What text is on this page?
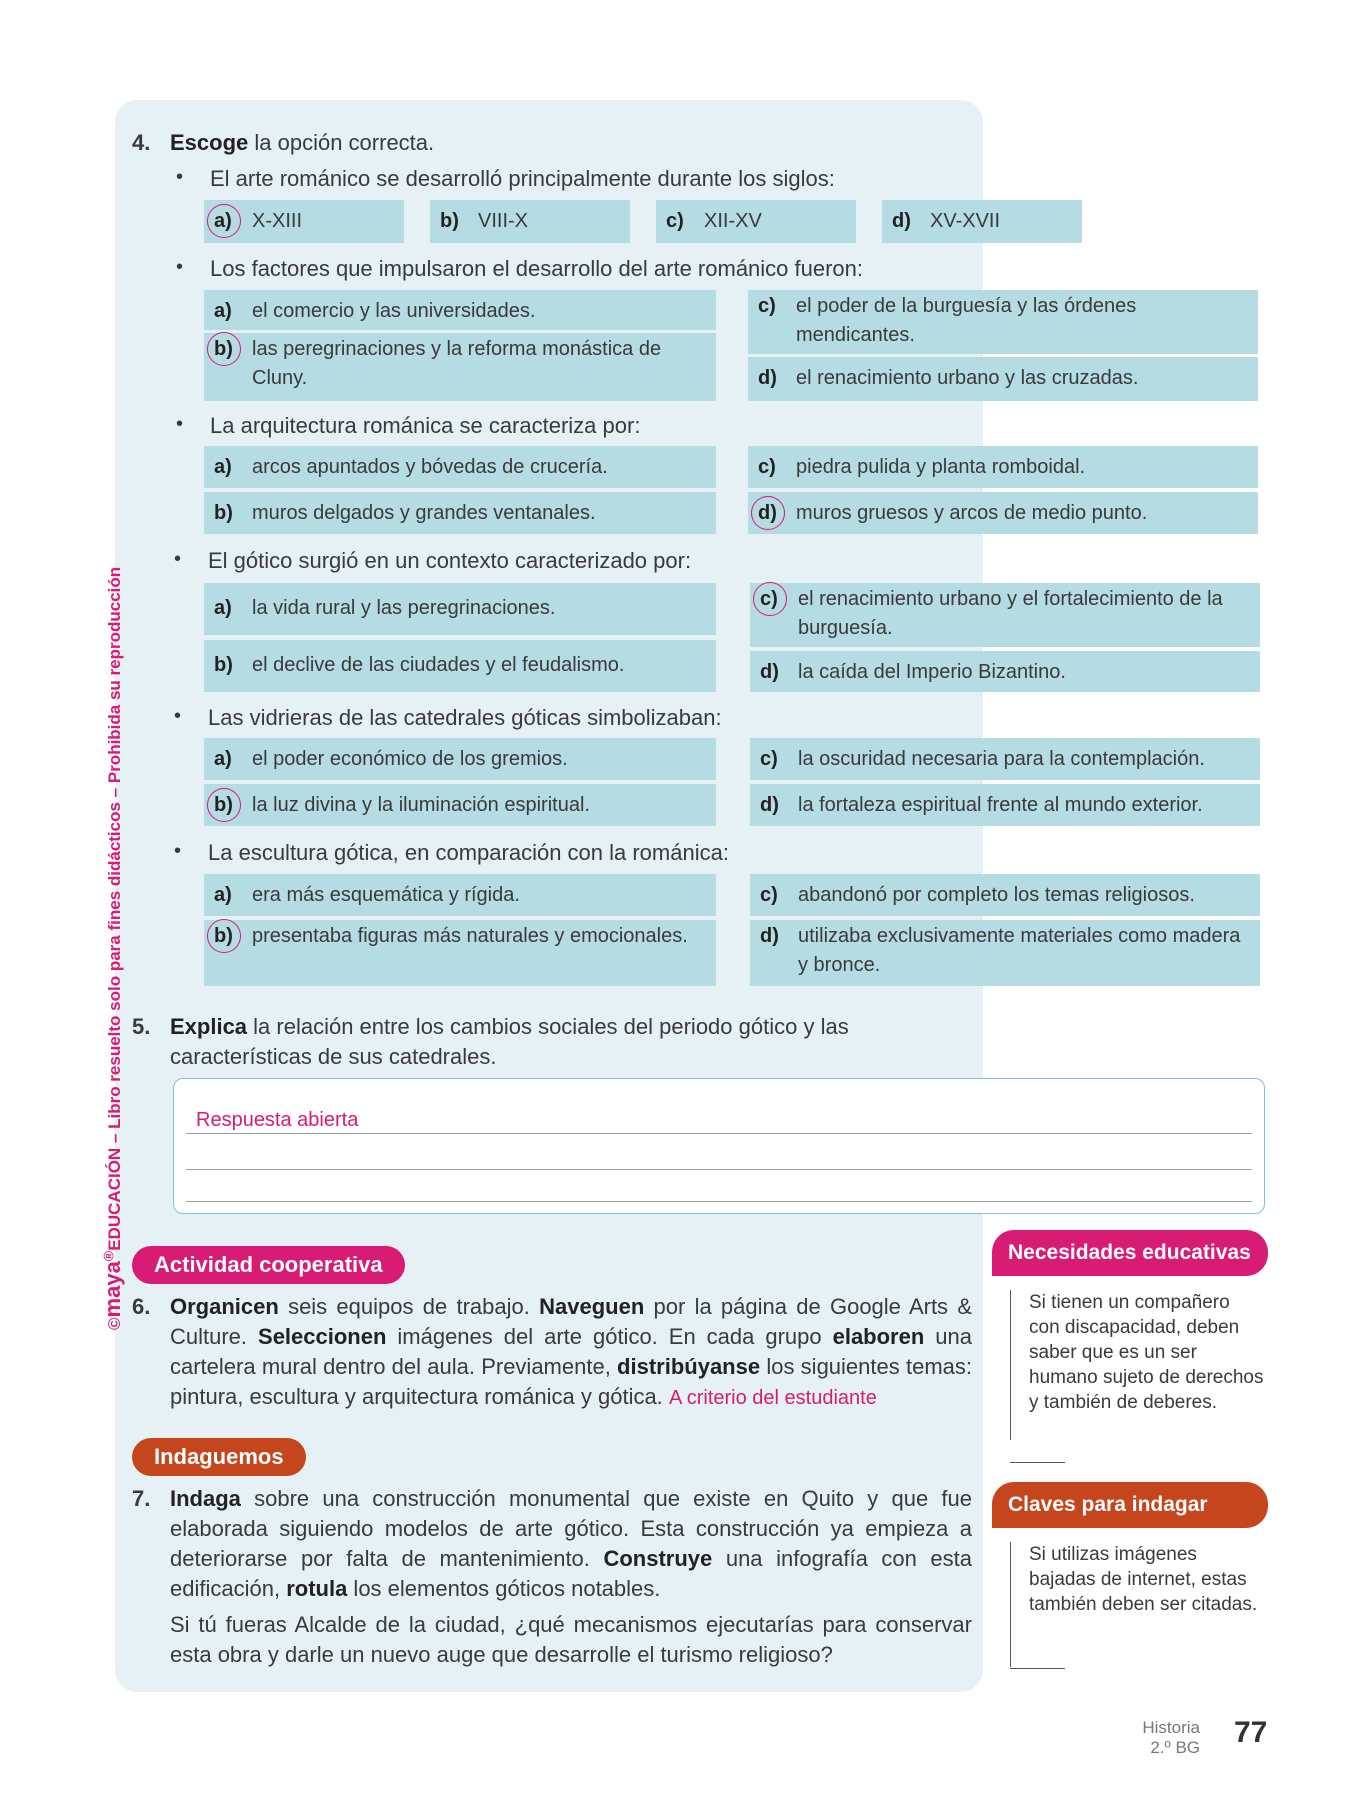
©maya®EDUCACIÓN – Libro resuelto solo para fines didácticos – Prohibida su reproducción
4. Escoge la opción correcta.
• El arte románico se desarrolló principalmente durante los siglos:
a) X-XIII	b) VIII-X	c) XII-XV	d) XV-XVII
• Los factores que impulsaron el desarrollo del arte románico fueron:
a) el comercio y las universidades.
b) las peregrinaciones y la reforma monástica de Cluny.
c) el poder de la burguesía y las órdenes mendicantes.
d) el renacimiento urbano y las cruzadas.
• La arquitectura románica se caracteriza por:
a) arcos apuntados y bóvedas de crucería.
b) muros delgados y grandes ventanales.
c) piedra pulida y planta romboidal.
d) muros gruesos y arcos de medio punto.
• El gótico surgió en un contexto caracterizado por:
a) la vida rural y las peregrinaciones.
b) el declive de las ciudades y el feudalismo.
c) el renacimiento urbano y el fortalecimiento de la burguesía.
d) la caída del Imperio Bizantino.
• Las vidrieras de las catedrales góticas simbolizaban:
a) el poder económico de los gremios.
b) la luz divina y la iluminación espiritual.
c) la oscuridad necesaria para la contemplación.
d) la fortaleza espiritual frente al mundo exterior.
• La escultura gótica, en comparación con la románica:
a) era más esquemática y rígida.
b) presentaba figuras más naturales y emocionales.
c) abandonó por completo los temas religiosos.
d) utilizaba exclusivamente materiales como madera y bronce.
5. Explica la relación entre los cambios sociales del periodo gótico y las características de sus catedrales.
Respuesta abierta
Actividad cooperativa
6. Organicen seis equipos de trabajo. Naveguen por la página de Google Arts & Culture. Seleccionen imágenes del arte gótico. En cada grupo elaboren una cartelera mural dentro del aula. Previamente, distribúyanse los siguientes temas: pintura, escultura y arquitectura románica y gótica. A criterio del estudiante
Indaguemos
7. Indaga sobre una construcción monumental que existe en Quito y que fue elaborada siguiendo modelos de arte gótico. Esta construcción ya empieza a deteriorarse por falta de mantenimiento. Construye una infografía con esta edificación, rotula los elementos góticos notables.
Si tú fueras Alcalde de la ciudad, ¿qué mecanismos ejecutarías para conservar esta obra y darle un nuevo auge que desarrolle el turismo religioso?
Necesidades educativas
Si tienen un compañero con discapacidad, deben saber que es un ser humano sujeto de derechos y también de deberes.
Claves para indagar
Si utilizas imágenes bajadas de internet, estas también deben ser citadas.
Historia
2.º BG 77
